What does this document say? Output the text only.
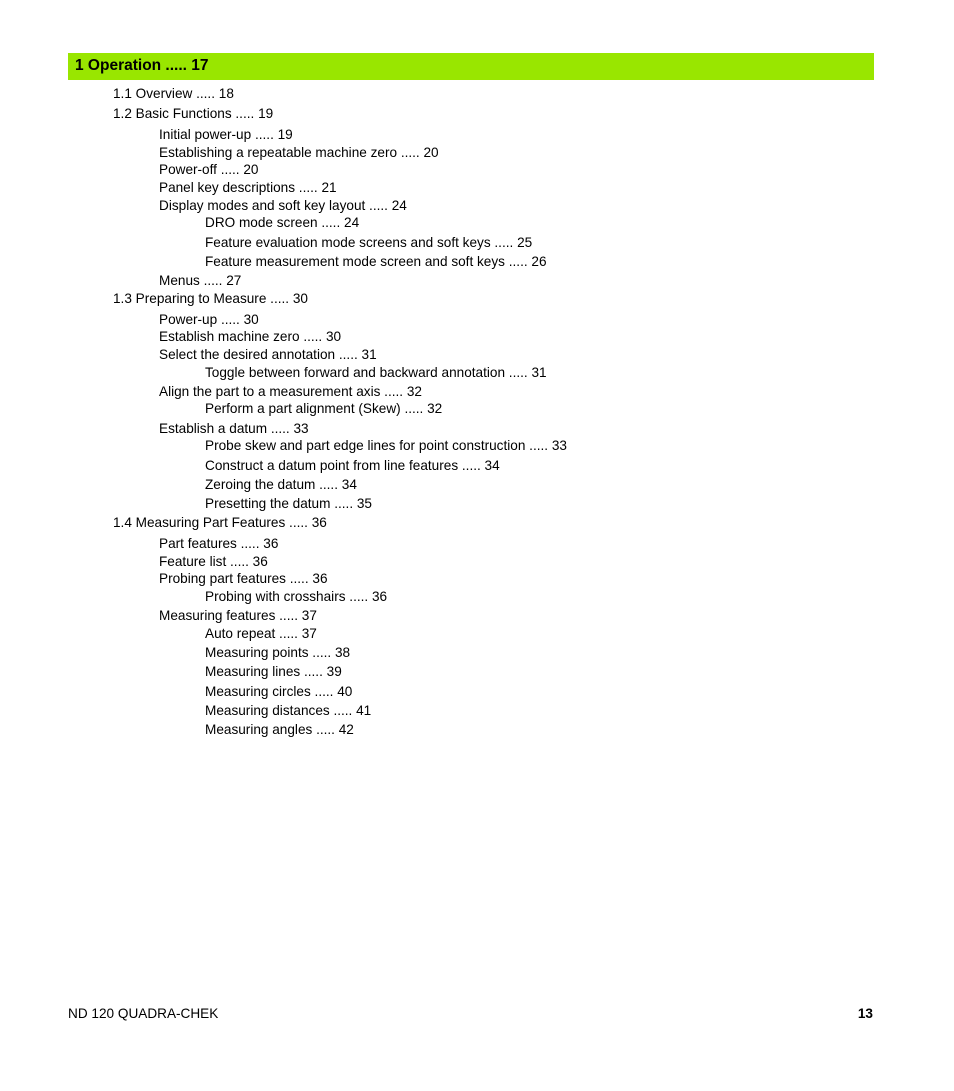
1 Operation ..... 17
1.1 Overview ..... 18
1.2 Basic Functions ..... 19
Initial power-up ..... 19
Establishing a repeatable machine zero ..... 20
Power-off ..... 20
Panel key descriptions ..... 21
Display modes and soft key layout ..... 24
DRO mode screen ..... 24
Feature evaluation mode screens and soft keys ..... 25
Feature measurement mode screen and soft keys ..... 26
Menus ..... 27
1.3 Preparing to Measure ..... 30
Power-up ..... 30
Establish machine zero ..... 30
Select the desired annotation ..... 31
Toggle between forward and backward annotation ..... 31
Align the part to a measurement axis ..... 32
Perform a part alignment (Skew) ..... 32
Establish a datum ..... 33
Probe skew and part edge lines for point construction ..... 33
Construct a datum point from line features ..... 34
Zeroing the datum ..... 34
Presetting the datum ..... 35
1.4 Measuring Part Features ..... 36
Part features ..... 36
Feature list ..... 36
Probing part features ..... 36
Probing with crosshairs ..... 36
Measuring features ..... 37
Auto repeat ..... 37
Measuring points ..... 38
Measuring lines ..... 39
Measuring circles ..... 40
Measuring distances ..... 41
Measuring angles ..... 42
ND 120 QUADRA-CHEK	13
